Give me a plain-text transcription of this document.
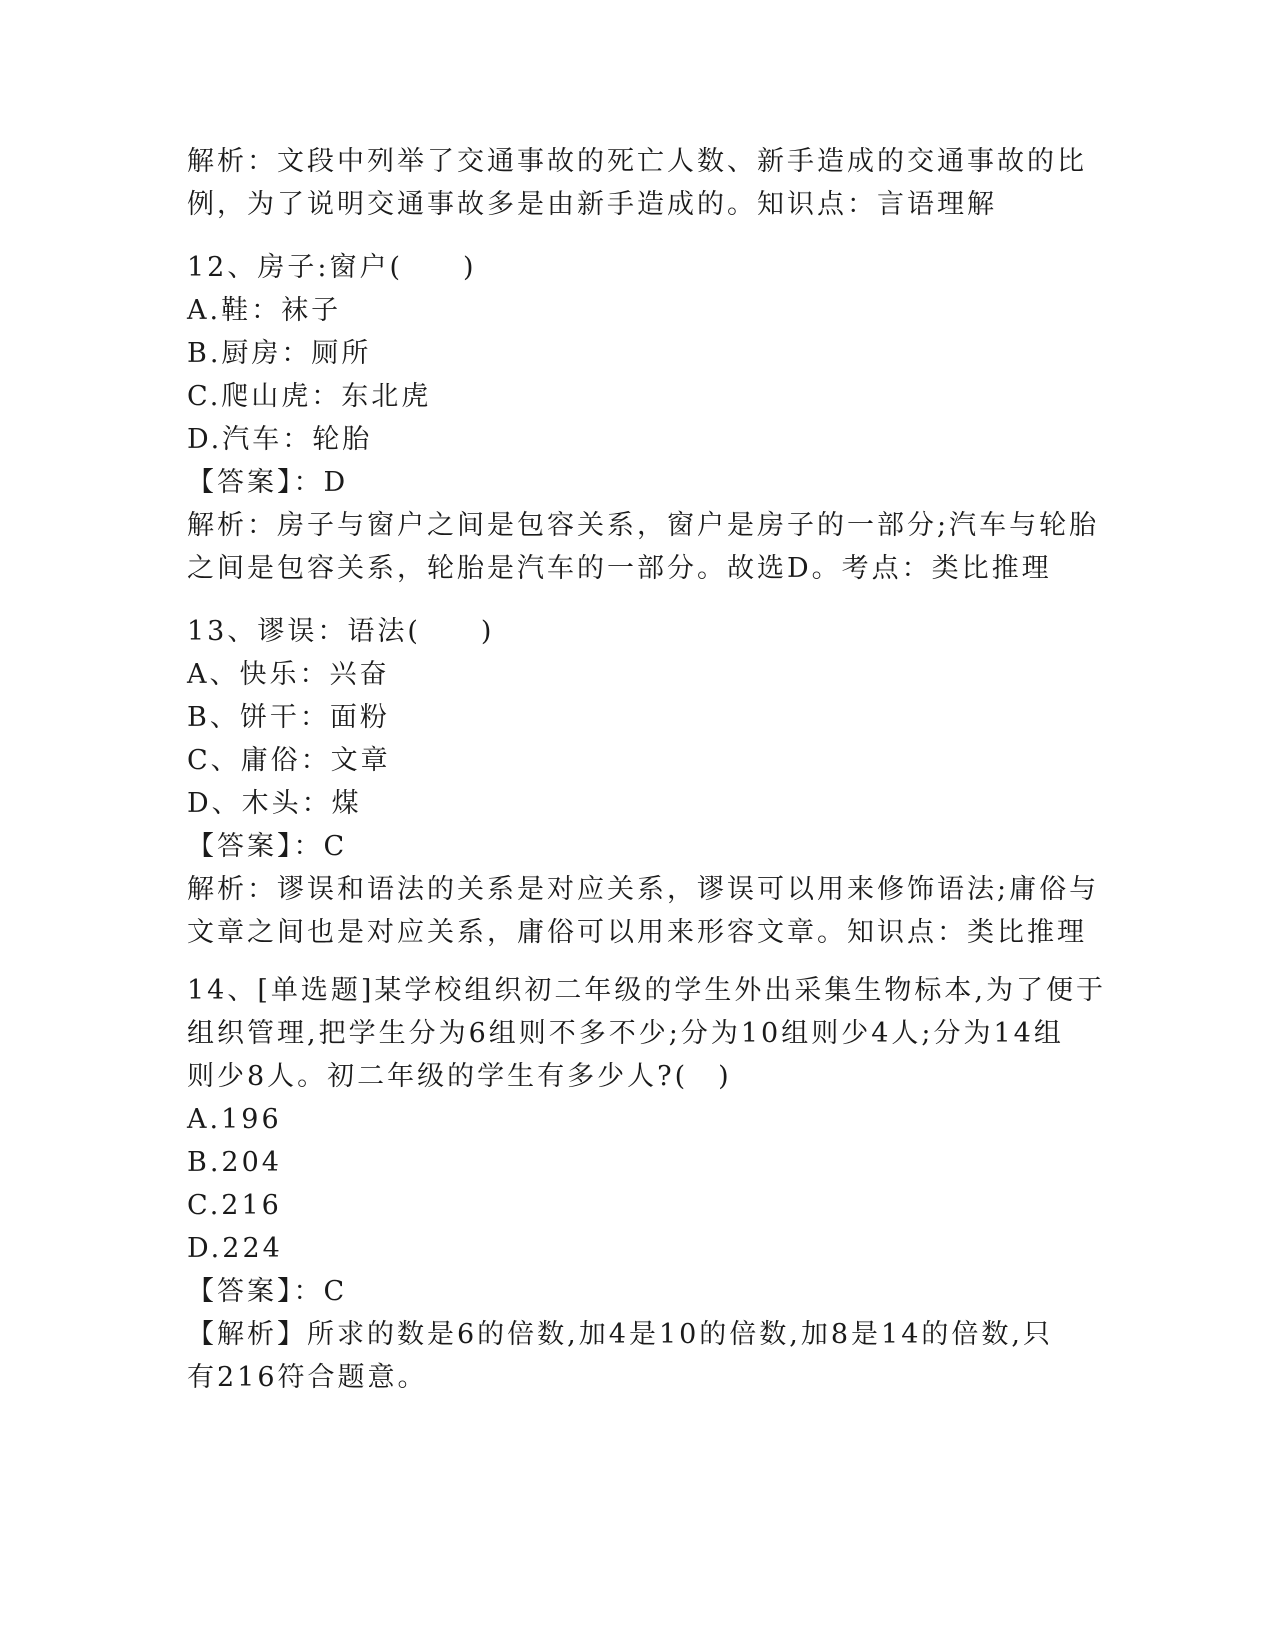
解析：文段中列举了交通事故的死亡人数、新手造成的交通事故的比
例，为了说明交通事故多是由新手造成的。知识点：言语理解
12、房子:窗户(　　)
A.鞋：袜子
B.厨房：厕所
C.爬山虎：东北虎
D.汽车：轮胎
【答案】：D
解析：房子与窗户之间是包容关系，窗户是房子的一部分;汽车与轮胎
之间是包容关系，轮胎是汽车的一部分。故选D。考点：类比推理
13、谬误：语法(　　)
A、快乐：兴奋
B、饼干：面粉
C、庸俗：文章
D、木头：煤
【答案】：C
解析：谬误和语法的关系是对应关系，谬误可以用来修饰语法;庸俗与
文章之间也是对应关系，庸俗可以用来形容文章。知识点：类比推理
14、[单选题]某学校组织初二年级的学生外出采集生物标本,为了便于
组织管理,把学生分为6组则不多不少;分为10组则少4人;分为14组
则少8人。初二年级的学生有多少人?(　)
A.196
B.204
C.216
D.224
【答案】：C
【解析】所求的数是6的倍数,加4是10的倍数,加8是14的倍数,只
有216符合题意。
